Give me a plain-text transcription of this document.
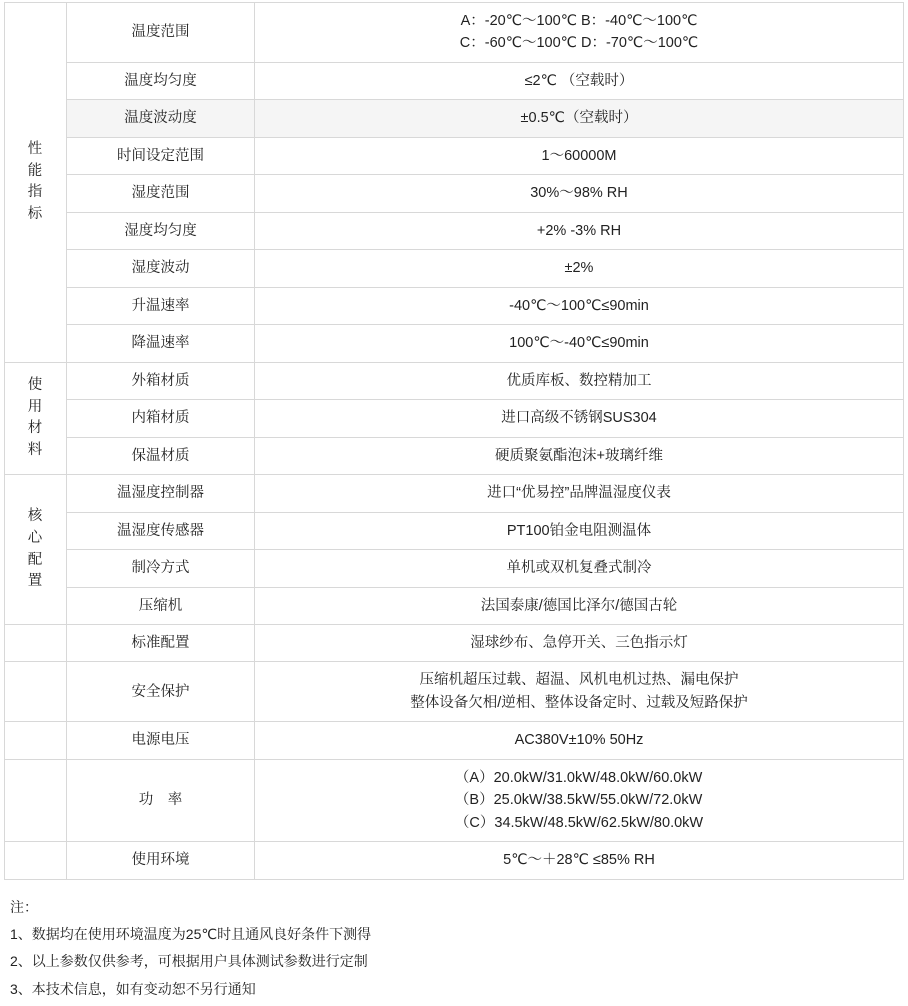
性能指标	温度范围	A：-20℃～100℃ B：-40℃～100℃
C：-60℃～100℃ D：-70℃～100℃

	温度均匀度	≤2℃ （空载时）
	温度波动度	±0.5℃（空载时）
	时间设定范围	1～60000M
	湿度范围	30%～98% RH
	湿度均匀度	+2% -3% RH
	湿度波动	±2%
	升温速率	-40℃～100℃≤90min
	降温速率	100℃～-40℃≤90min

使用材料	外箱材质	优质库板、数控精加工
	内箱材质	进口高级不锈钢SUS304
	保温材质	硬质聚氨酯泡沫+玻璃纤维

核心配置	温湿度控制器	进口“优易控”品牌温湿度仪表
	温湿度传感器	PT100铂金电阻测温体
	制冷方式	单机或双机复叠式制冷
	压缩机	法国泰康/德国比泽尔/德国古轮
	标准配置	湿球纱布、急停开关、三色指示灯
	安全保护	压缩机超压过载、超温、风机电机过热、漏电保护
整体设备欠相/逆相、整体设备定时、过载及短路保护

	电源电压	AC380V±10% 50Hz
	功　率	（A）20.0kW/31.0kW/48.0kW/60.0kW
（B）25.0kW/38.5kW/55.0kW/72.0kW
（C）34.5kW/48.5kW/62.5kW/80.0kW

	使用环境	5℃～＋28℃ ≤85% RH
注：
1、数据均在使用环境温度为25℃时且通风良好条件下测得
2、以上参数仅供参考，可根据用户具体测试参数进行定制
3、本技术信息，如有变动恕不另行通知
